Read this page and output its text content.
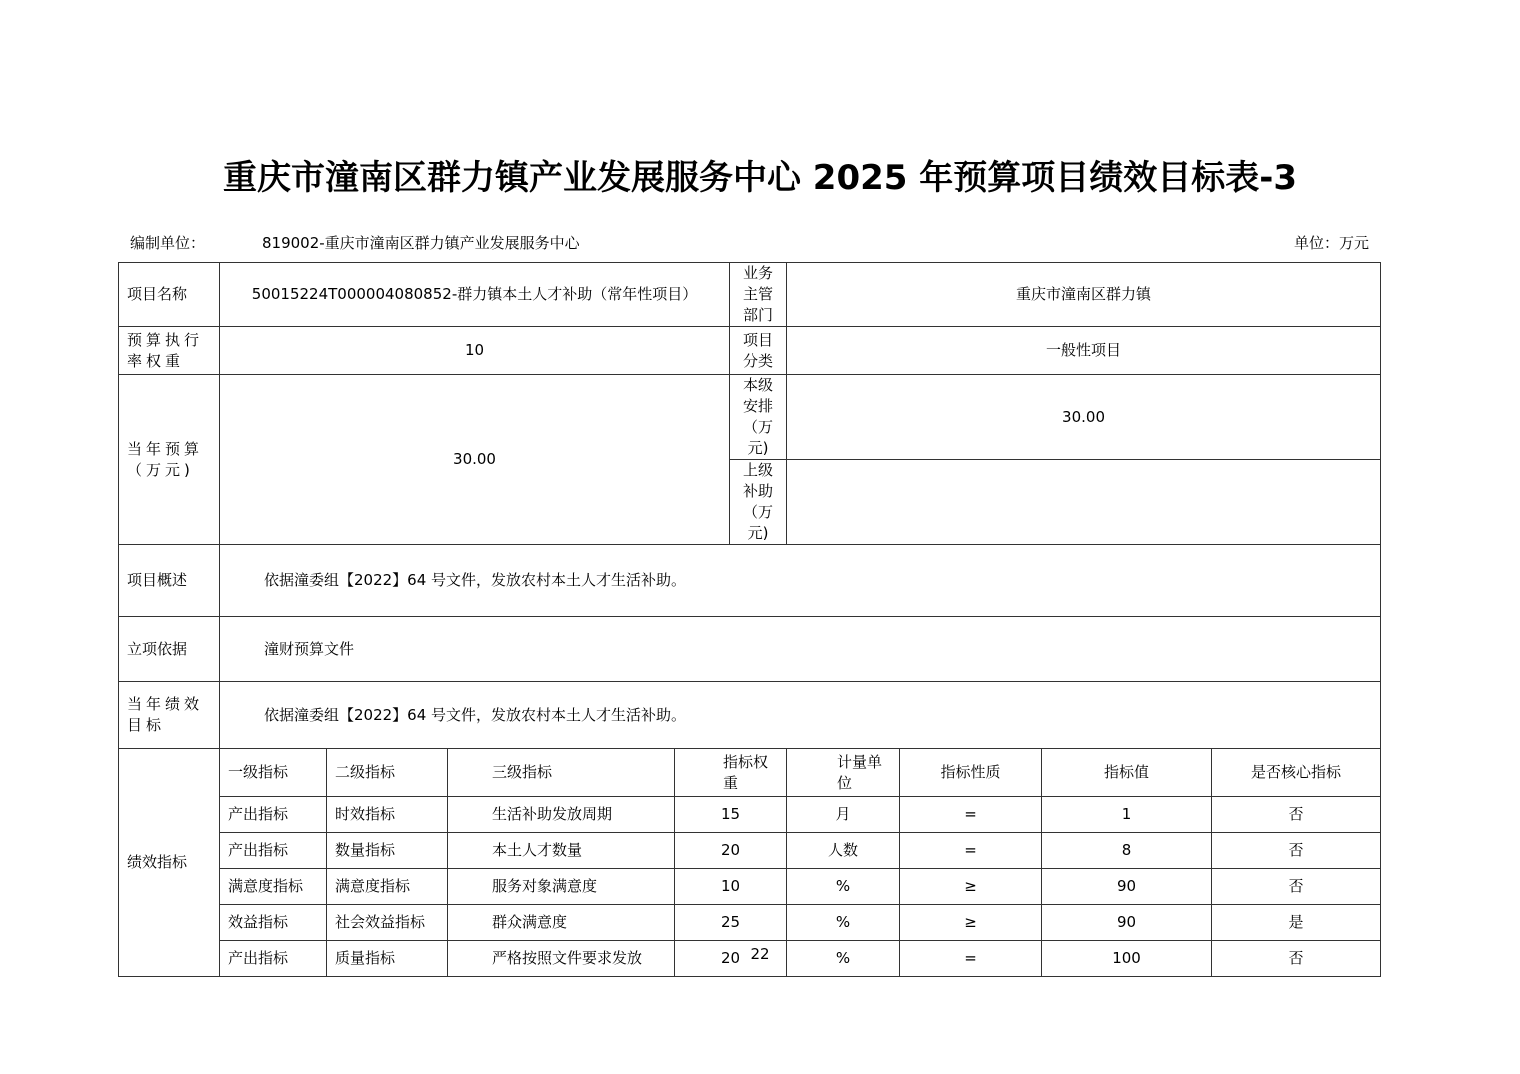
重庆市潼南区群力镇产业发展服务中心 2025 年预算项目绩效目标表-3
编制单位：	819002-重庆市潼南区群力镇产业发展服务中心	单位：万元
项目名称	50015224T000004080852-群力镇本土人才补助（常年性项目）				业务主管部门	重庆市潼南区群力镇			
预算执行率权重	10				项目分类	一般性项目			
当年预算（万元)	30.00				本级安排（万元)	30.00			
					上级补助（万元)				
项目概述	依据潼委组【2022】64 号文件，发放农村本土人才生活补助。								
立项依据	潼财预算文件								
当年绩效目标	依据潼委组【2022】64 号文件，发放农村本土人才生活补助。								
绩效指标	一级指标	二级指标	三级指标	指标权重		计量单位	指标性质	指标值	是否核心指标
	产出指标	时效指标	生活补助发放周期	15		月	=	1	否
	产出指标	数量指标	本土人才数量	20		人数	=	8	否
	满意度指标	满意度指标	服务对象满意度	10		%	≥	90	否
	效益指标	社会效益指标	群众满意度	25		%	≥	90	是
	产出指标	质量指标	严格按照文件要求发放	20		%	=	100	否
22
